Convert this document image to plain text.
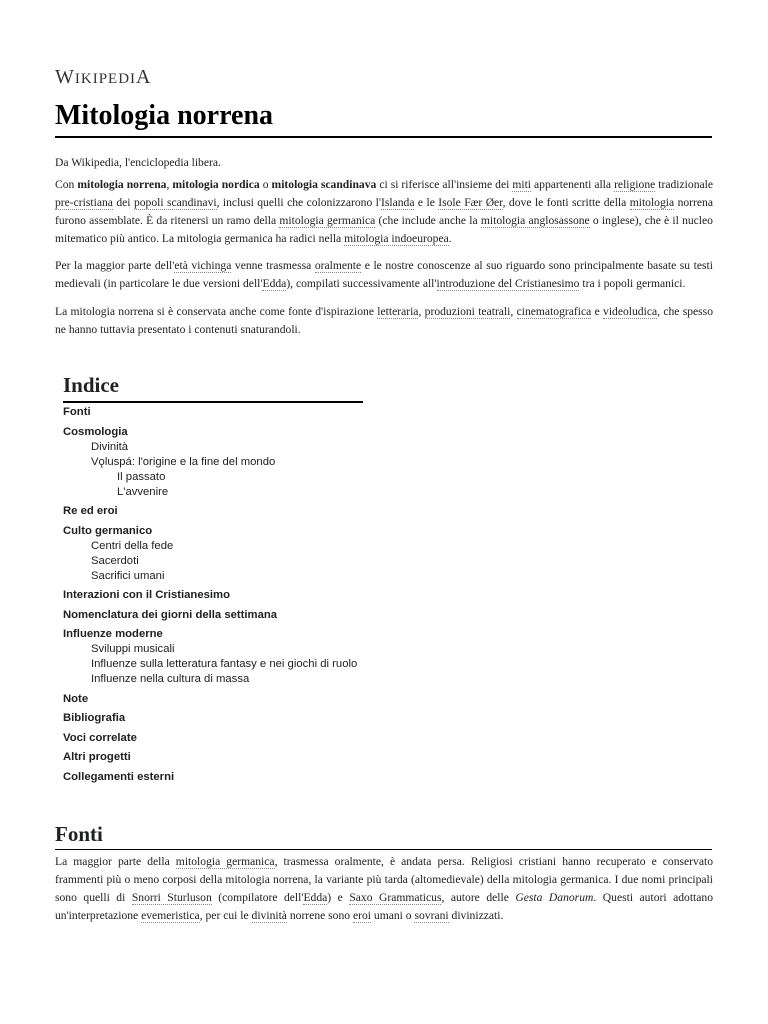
WIKIPEDIA
Mitologia norrena

Da Wikipedia, l'enciclopedia libera.

Con mitologia norrena, mitologia nordica o mitologia scandinava ci si riferisce all'insieme dei miti appartenenti alla religione tradizionale pre-cristiana dei popoli scandinavi, inclusi quelli che colonizzarono l'Islanda e le Isole Fær Øer, dove le fonti scritte della mitologia norrena furono assemblate. È da ritenersi un ramo della mitologia germanica (che include anche la mitologia anglosassone o inglese), che è il nucleo mitematico più antico. La mitologia germanica ha radici nella mitologia indoeuropea.

Per la maggior parte dell'età vichinga venne trasmessa oralmente e le nostre conoscenze al suo riguardo sono principalmente basate su testi medievali (in particolare le due versioni dell'Edda), compilati successivamente all'introduzione del Cristianesimo tra i popoli germanici.

La mitologia norrena si è conservata anche come fonte d'ispirazione letteraria, produzioni teatrali, cinematografica e videoludica, che spesso ne hanno tuttavia presentato i contenuti snaturandoli.

Indice
Fonti
Cosmologia
Divinità
Vǫluspá: l'origine e la fine del mondo
Il passato
L'avvenire
Re ed eroi
Culto germanico
Centri della fede
Sacerdoti
Sacrifici umani
Interazioni con il Cristianesimo
Nomenclatura dei giorni della settimana
Influenze moderne
Sviluppi musicali
Influenze sulla letteratura fantasy e nei giochi di ruolo
Influenze nella cultura di massa
Note
Bibliografia
Voci correlate
Altri progetti
Collegamenti esterni
Fonti

La maggior parte della mitologia germanica, trasmessa oralmente, è andata persa. Religiosi cristiani hanno recuperato e conservato frammenti più o meno corposi della mitologia norrena, la variante più tarda (altomedievale) della mitologia germanica. I due nomi principali sono quelli di Snorri Sturluson (compilatore dell'Edda) e Saxo Grammaticus, autore delle Gesta Danorum. Questi autori adottano un'interpretazione evemeristica, per cui le divinità norrene sono eroi umani o sovrani divinizzati.
